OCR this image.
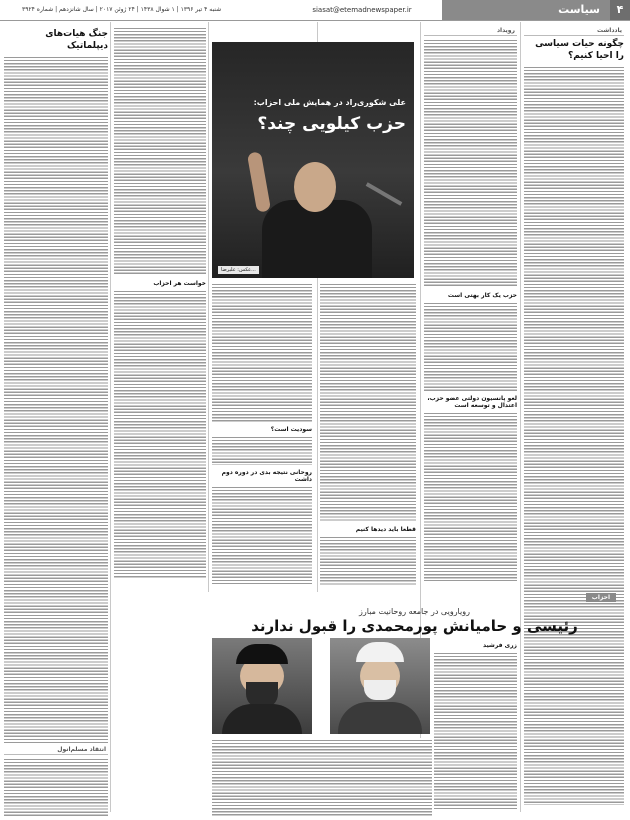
شنبه ۴ تیر ۱۳۹۶ | ۱ شوال ۱۴۳۸ | ۲۴ ژوئن ۲۰۱۷ | سال شانزدهم | شماره ۳۹۲۴	siasat@etemadnewspaper.ir	سیاست	۴
یادداشت
چگونه حیات سیاسی را احیا کنیم؟
رویداد
حزب یک کار بهتی است
لغو پانسیون دولتی عضو حزب، اعتدال و توسعه است
علی شکوری‌راد در همایش ملی احزاب:
حزب کیلویی چند؟
عکس: علیرضا...
قطعا باید دیدها کنیم
سودیت است؟
روحانی نتیجه بدی در دوره دوم داشت
خواست هر احزاب
جنگ هیات‌هاى دیپلماتیک
انتقاد مسلم‌انول
احزاب
رویارویی در جامعه روحانیت مبارز
رئیسی و حامیانش پورمحمدی را قبول ندارند
زری فرشید
